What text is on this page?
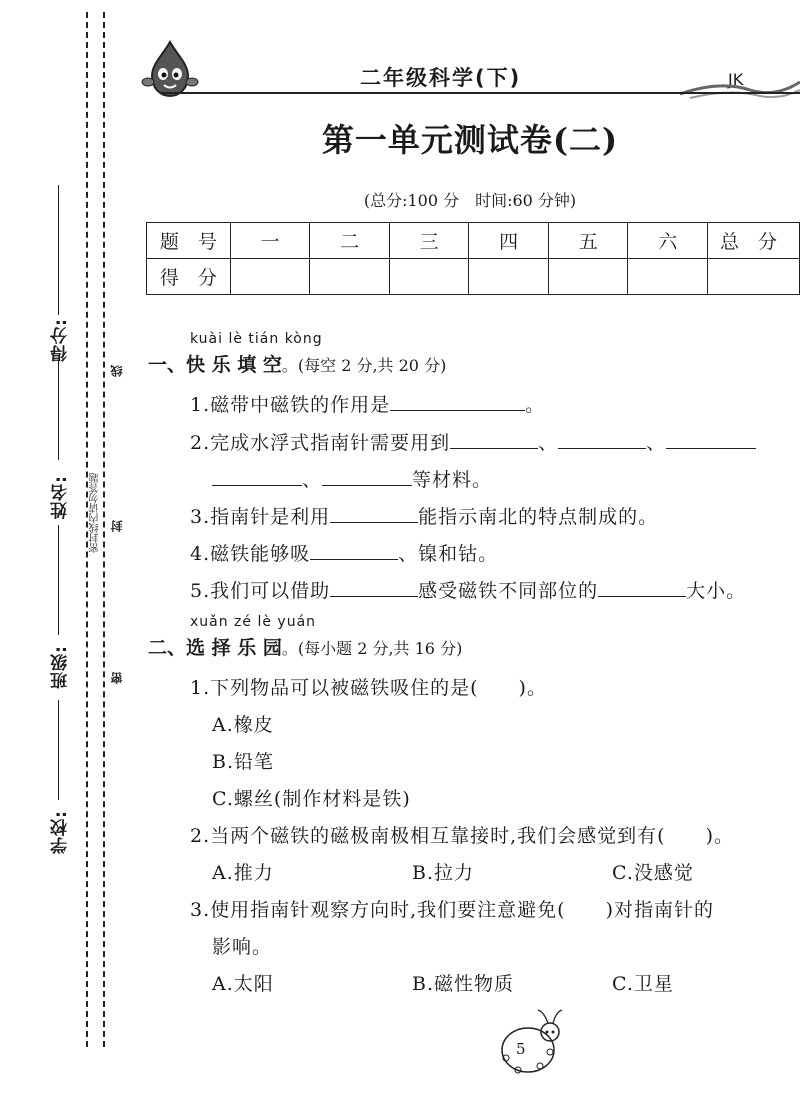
得分:
姓名:
班级:
学校:
密封线内请勿答题
线
封
密
二年级科学(下)	JK
第一单元测试卷(二)
(总分:100 分　时间:60 分钟)
题　号	一	二	三	四	五	六	总　分
得　分							
kuài lè tián kòng
一、快 乐 填 空。(每空 2 分,共 20 分)
1.磁带中磁铁的作用是	。
2.完成水浮式指南针需要用到	、	、
、	等材料。
3.指南针是利用	能指示南北的特点制成的。
4.磁铁能够吸	、镍和钴。
5.我们可以借助	感受磁铁不同部位的	大小。
xuǎn zé lè yuán
二、选 择 乐 园。(每小题 2 分,共 16 分)
1.下列物品可以被磁铁吸住的是(　　)。
A.橡皮
B.铅笔
C.螺丝(制作材料是铁)
2.当两个磁铁的磁极南极相互靠接时,我们会感觉到有(　　)。
A.推力	B.拉力	C.没感觉
3.使用指南针观察方向时,我们要注意避免(　　)对指南针的
影响。
A.太阳	B.磁性物质	C.卫星
5
